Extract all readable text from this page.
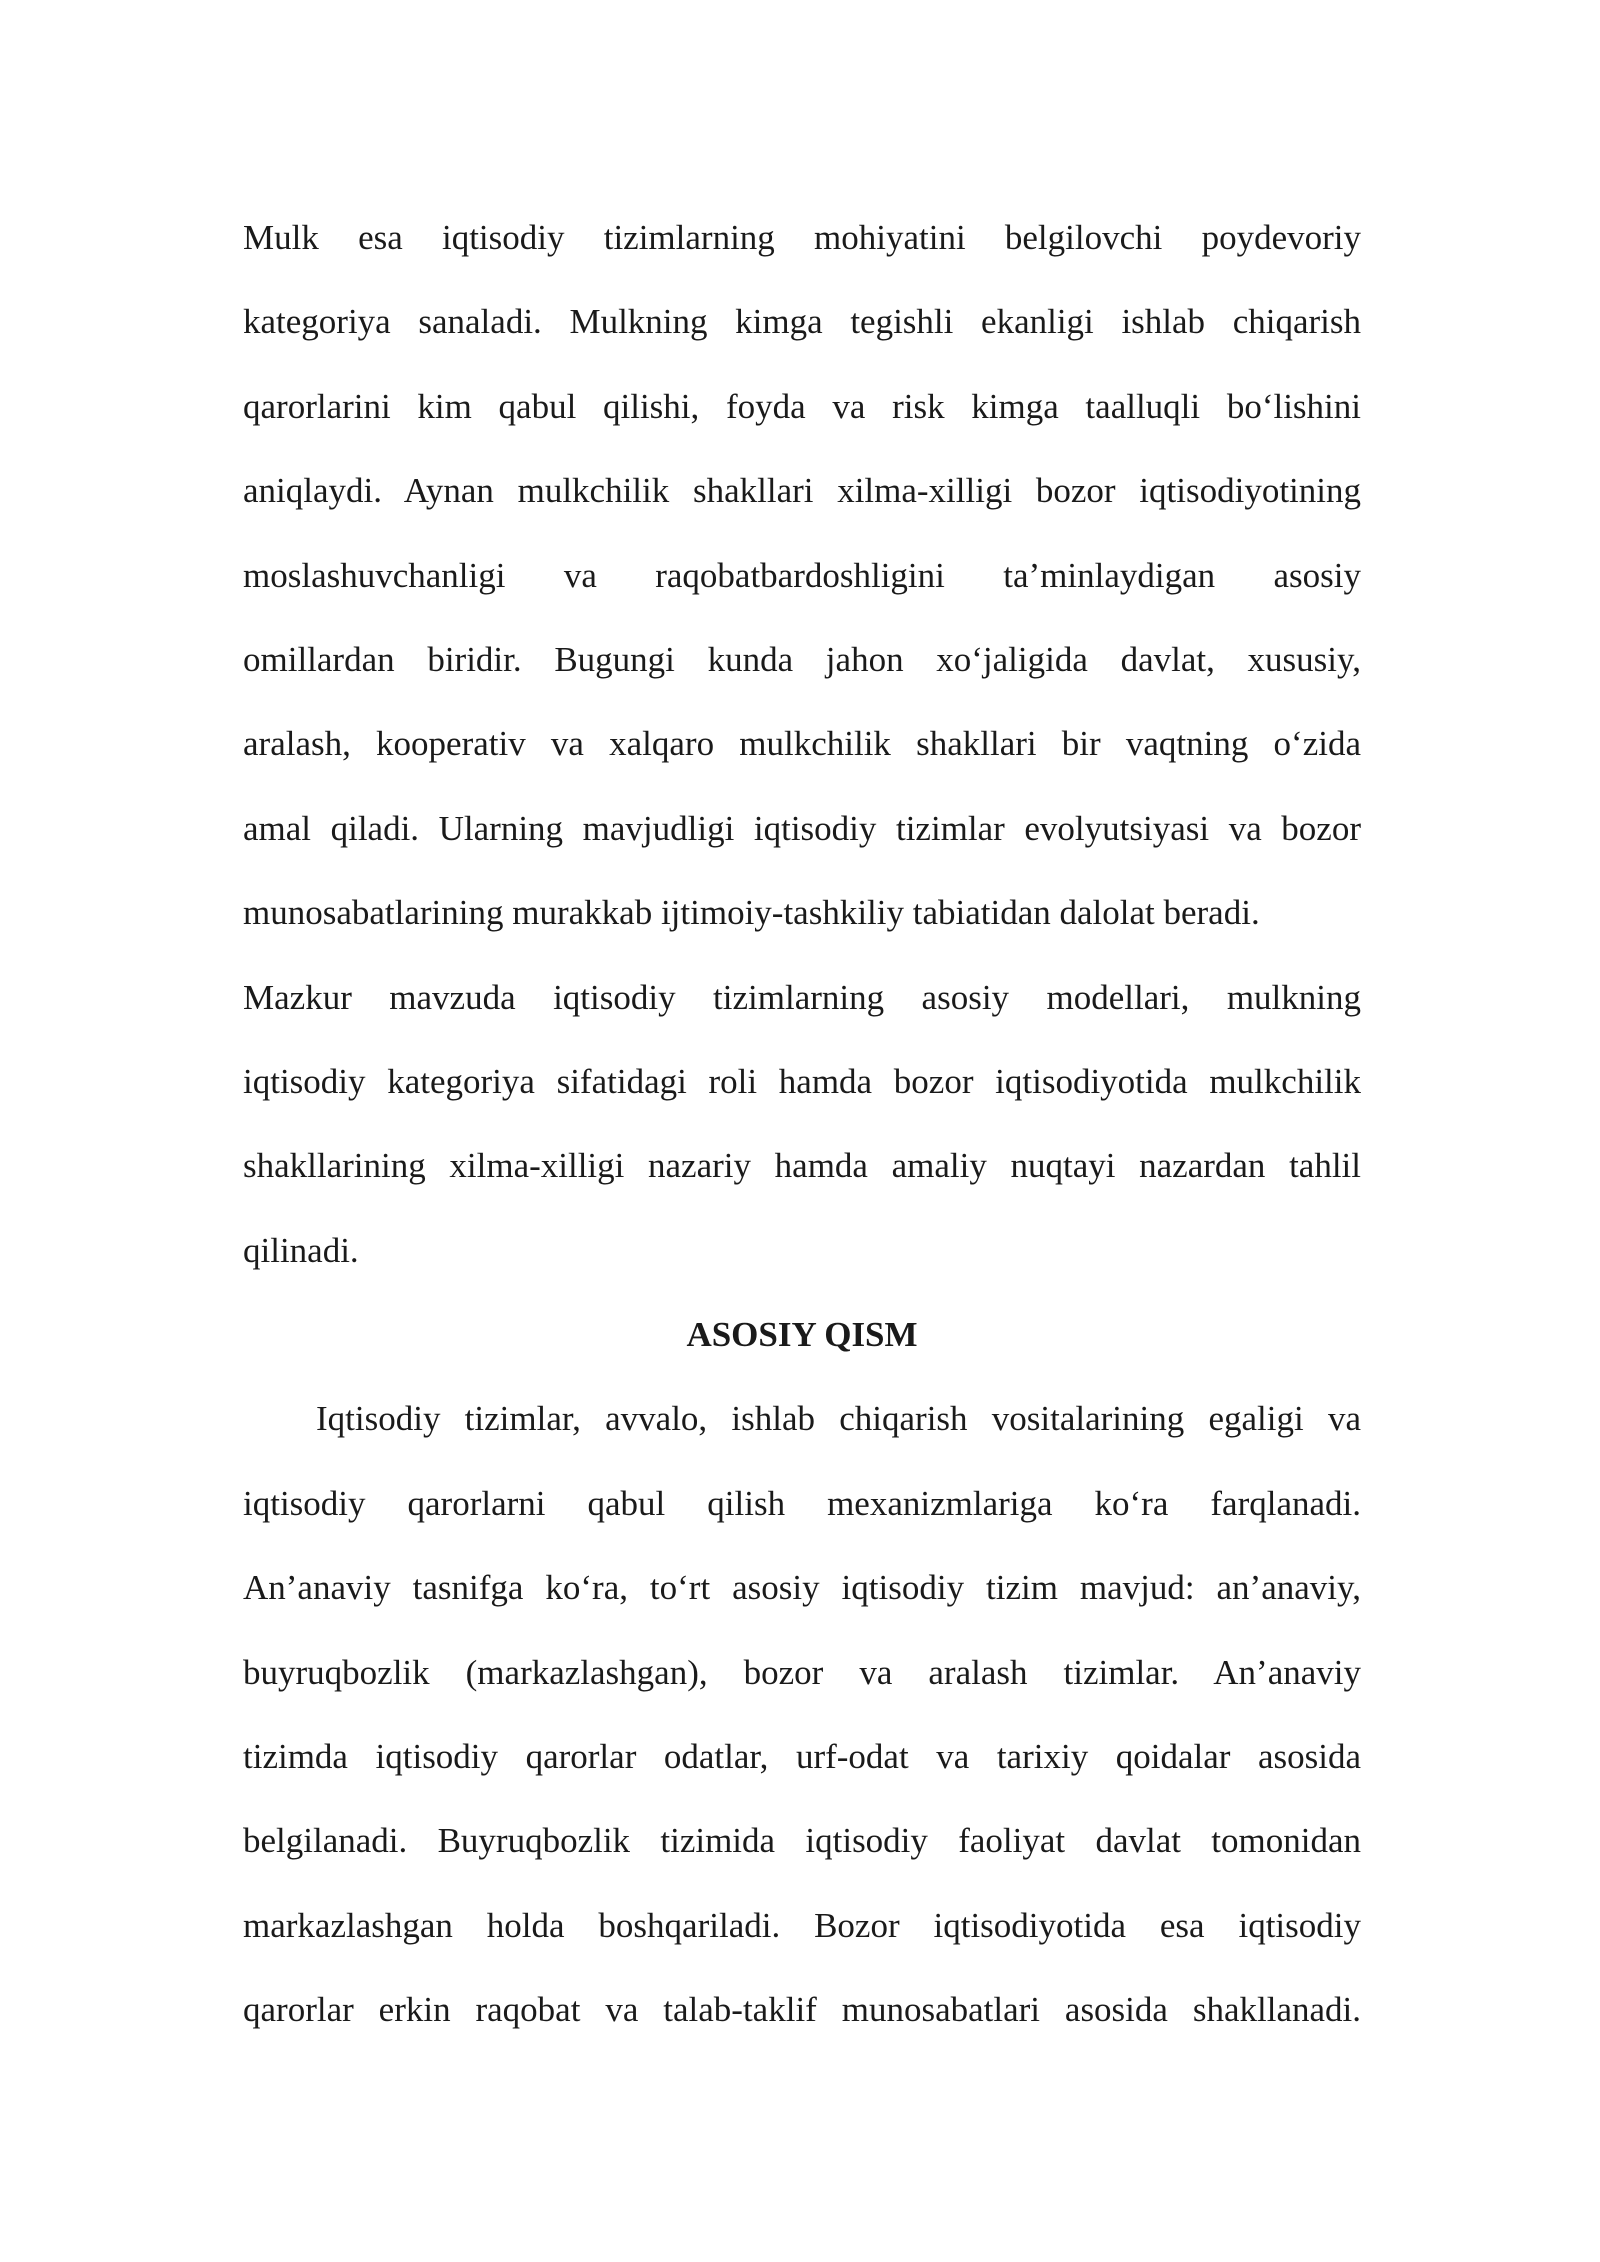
Mulk esa iqtisodiy tizimlarning mohiyatini belgilovchi poydevoriy
kategoriya sanaladi. Mulkning kimga tegishli ekanligi ishlab chiqarish
qarorlarini kim qabul qilishi, foyda va risk kimga taalluqli bo‘lishini
aniqlaydi. Aynan mulkchilik shakllari xilma-xilligi bozor iqtisodiyotining
moslashuvchanligi va raqobatbardoshligini ta’minlaydigan asosiy
omillardan biridir. Bugungi kunda jahon xo‘jaligida davlat, xususiy,
aralash, kooperativ va xalqaro mulkchilik shakllari bir vaqtning o‘zida
amal qiladi. Ularning mavjudligi iqtisodiy tizimlar evolyutsiyasi va bozor
munosabatlarining murakkab ijtimoiy-tashkiliy tabiatidan dalolat beradi.
Mazkur mavzuda iqtisodiy tizimlarning asosiy modellari, mulkning
iqtisodiy kategoriya sifatidagi roli hamda bozor iqtisodiyotida mulkchilik
shakllarining xilma-xilligi nazariy hamda amaliy nuqtayi nazardan tahlil
qilinadi.
ASOSIY QISM
Iqtisodiy tizimlar, avvalo, ishlab chiqarish vositalarining egaligi va
iqtisodiy qarorlarni qabul qilish mexanizmlariga ko‘ra farqlanadi.
An’anaviy tasnifga ko‘ra, to‘rt asosiy iqtisodiy tizim mavjud: an’anaviy,
buyruqbozlik (markazlashgan), bozor va aralash tizimlar. An’anaviy
tizimda iqtisodiy qarorlar odatlar, urf-odat va tarixiy qoidalar asosida
belgilanadi. Buyruqbozlik tizimida iqtisodiy faoliyat davlat tomonidan
markazlashgan holda boshqariladi. Bozor iqtisodiyotida esa iqtisodiy
qarorlar erkin raqobat va talab-taklif munosabatlari asosida shakllanadi.
